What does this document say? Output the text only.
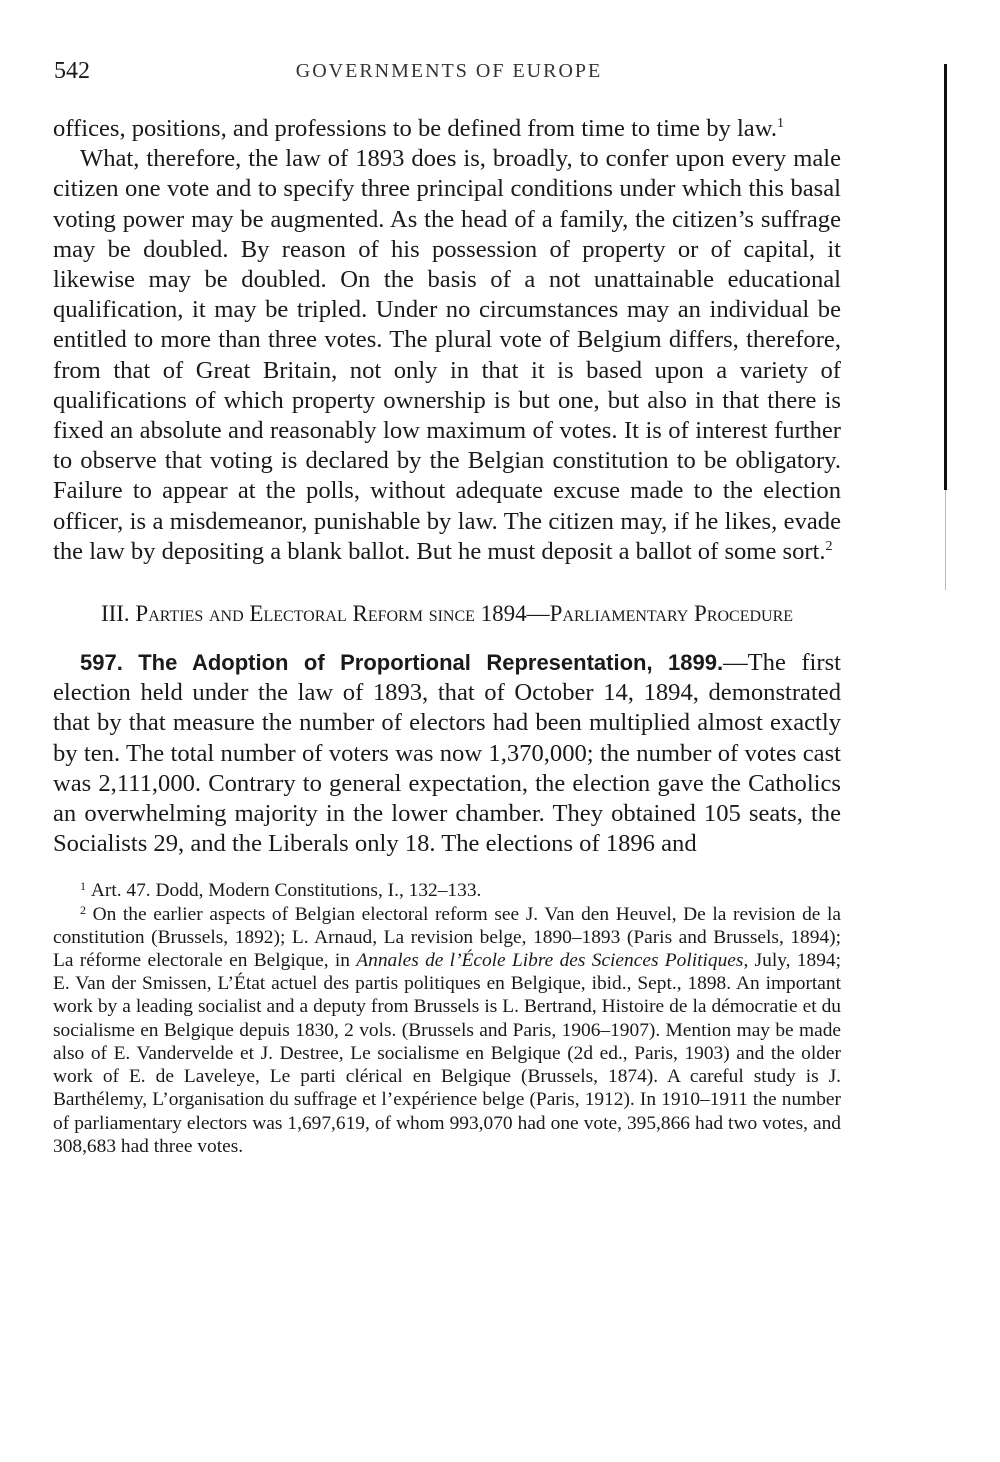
542	GOVERNMENTS OF EUROPE

offices, positions, and professions to be defined from time to time by law.$^1$

What, therefore, the law of 1893 does is, broadly, to confer upon every male citizen one vote and to specify three principal conditions under which this basal voting power may be augmented. As the head of a family, the citizen’s suffrage may be doubled. By reason of his possession of property or of capital, it likewise may be doubled. On the basis of a not unattainable educational qualification, it may be tripled. Under no circumstances may an individual be entitled to more than three votes. The plural vote of Belgium differs, therefore, from that of Great Britain, not only in that it is based upon a variety of qualifications of which property ownership is but one, but also in that there is fixed an absolute and reasonably low maximum of votes. It is of interest further to observe that voting is declared by the Belgian constitution to be obligatory. Failure to appear at the polls, without adequate excuse made to the election officer, is a misdemeanor, punishable by law. The citizen may, if he likes, evade the law by depositing a blank ballot. But he must deposit a ballot of some sort.$^2$

III. Parties and Electoral Reform since 1894—Parliamentary Procedure

597. The Adoption of Proportional Representation, 1899.—The first election held under the law of 1893, that of October 14, 1894, demonstrated that by that measure the number of electors had been multiplied almost exactly by ten. The total number of voters was now 1,370,000; the number of votes cast was 2,111,000. Contrary to general expectation, the election gave the Catholics an overwhelming majority in the lower chamber. They obtained 105 seats, the Socialists 29, and the Liberals only 18. The elections of 1896 and

$^1$ Art. 47. Dodd, Modern Constitutions, I., 132–133.

$^2$ On the earlier aspects of Belgian electoral reform see J. Van den Heuvel, De la revision de la constitution (Brussels, 1892); L. Arnaud, La revision belge, 1890–1893 (Paris and Brussels, 1894); La réforme electorale en Belgique, in Annales de l’École Libre des Sciences Politiques, July, 1894; E. Van der Smissen, L’État actuel des partis politiques en Belgique, ibid., Sept., 1898. An important work by a leading socialist and a deputy from Brussels is L. Bertrand, Histoire de la démocratie et du socialisme en Belgique depuis 1830, 2 vols. (Brussels and Paris, 1906–1907). Mention may be made also of E. Vandervelde et J. Destree, Le socialisme en Belgique (2d ed., Paris, 1903) and the older work of E. de Laveleye, Le parti clérical en Belgique (Brussels, 1874). A careful study is J. Barthélemy, L’organisation du suffrage et l’expérience belge (Paris, 1912). In 1910–1911 the number of parliamentary electors was 1,697,619, of whom 993,070 had one vote, 395,866 had two votes, and 308,683 had three votes.
